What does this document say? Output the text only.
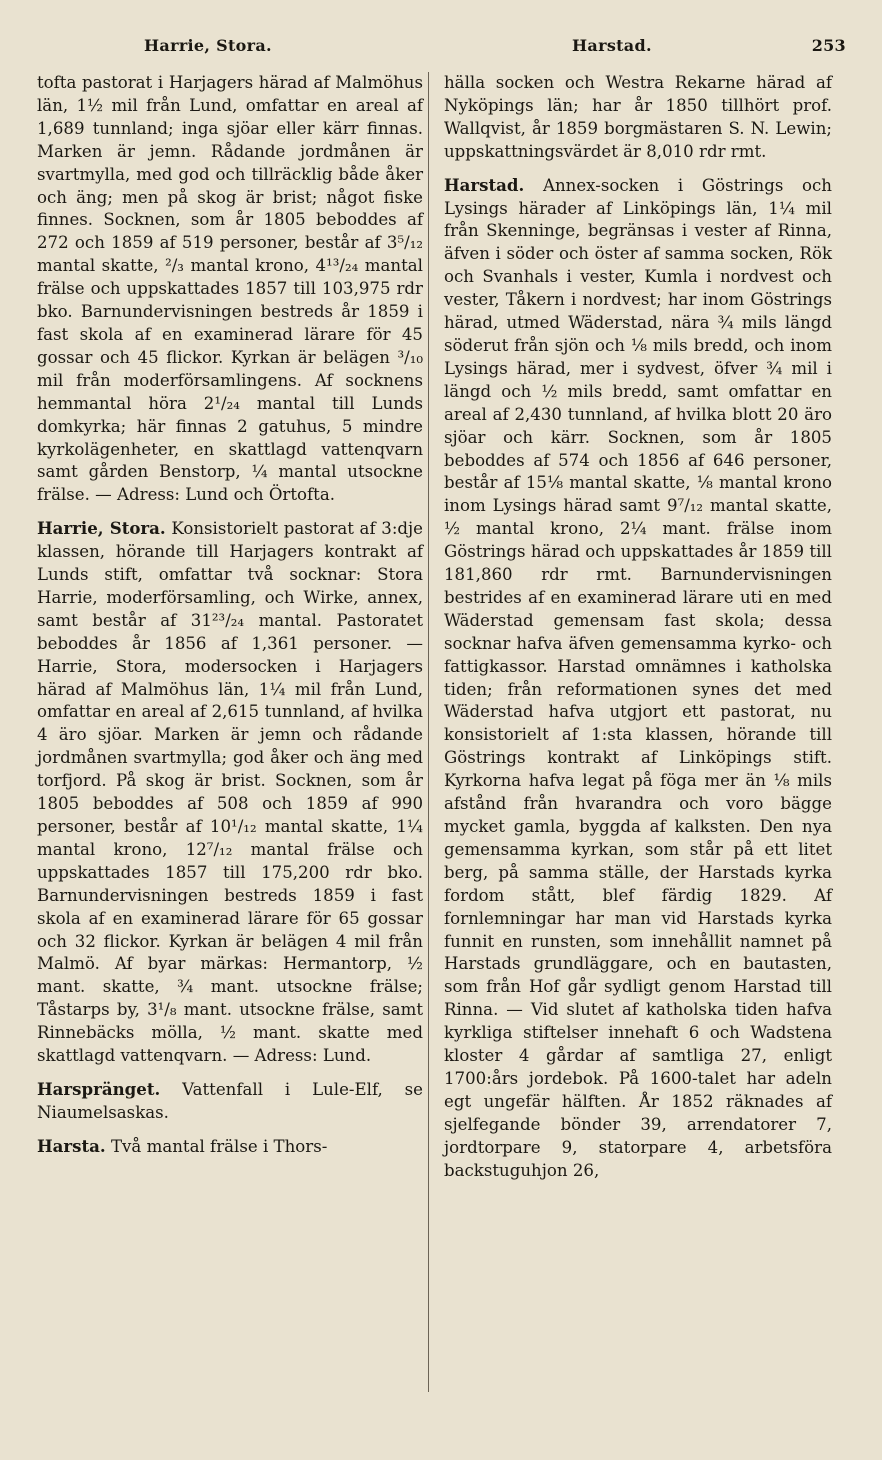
Harrie, Stora.	Harstad.	253

tofta pastorat i Harjagers härad af Malmöhus län, 1½ mil från Lund, omfattar en areal af 1,689 tunnland; inga sjöar eller kärr finnas. Marken är jemn. Rådande jordmånen är svartmylla, med god och tillräcklig både åker och äng; men på skog är brist; något fiske finnes. Socknen, som år 1805 beboddes af 272 och 1859 af 519 personer, består af 3⁵/₁₂ mantal skatte, ²/₃ mantal krono, 4¹³/₂₄ mantal frälse och uppskattades 1857 till 103,975 rdr bko. Barnundervisningen bestreds år 1859 i fast skola af en examinerad lärare för 45 gossar och 45 flickor. Kyrkan är belägen ³/₁₀ mil från moderförsamlingens. Af socknens hemmantal höra 2¹/₂₄ mantal till Lunds domkyrka; här finnas 2 gatuhus, 5 mindre kyrkolägenheter, en skattlagd vattenqvarn samt gården Benstorp, ¼ mantal utsockne frälse. — Adress: Lund och Örtofta.

Harrie, Stora. Konsistorielt pastorat af 3:dje klassen, hörande till Harjagers kontrakt af Lunds stift, omfattar två socknar: Stora Harrie, moderförsamling, och Wirke, annex, samt består af 31²³/₂₄ mantal. Pastoratet beboddes år 1856 af 1,361 personer. — Harrie, Stora, modersocken i Harjagers härad af Malmöhus län, 1¼ mil från Lund, omfattar en areal af 2,615 tunnland, af hvilka 4 äro sjöar. Marken är jemn och rådande jordmånen svartmylla; god åker och äng med torfjord. På skog är brist. Socknen, som år 1805 beboddes af 508 och 1859 af 990 personer, består af 10¹/₁₂ mantal skatte, 1¼ mantal krono, 12⁷/₁₂ mantal frälse och uppskattades 1857 till 175,200 rdr bko. Barnundervisningen bestreds 1859 i fast skola af en examinerad lärare för 65 gossar och 32 flickor. Kyrkan är belägen 4 mil från Malmö. Af byar märkas: Hermantorp, ½ mant. skatte, ¾ mant. utsockne frälse; Tåstarps by, 3¹/₈ mant. utsockne frälse, samt Rinnebäcks mölla, ½ mant. skatte med skattlagd vattenqvarn. — Adress: Lund.

Harspränget. Vattenfall i Lule-Elf, se Niaumelsaskas.

Harsta. Två mantal frälse i Thors-

hälla socken och Westra Rekarne härad af Nyköpings län; har år 1850 tillhört prof. Wallqvist, år 1859 borgmästaren S. N. Lewin; uppskattningsvärdet är 8,010 rdr rmt.

Harstad. Annex-socken i Göstrings och Lysings härader af Linköpings län, 1¼ mil från Skenninge, begränsas i vester af Rinna, äfven i söder och öster af samma socken, Rök och Svanhals i vester, Kumla i nordvest och vester, Tåkern i nordvest; har inom Göstrings härad, utmed Wäderstad, nära ¾ mils längd söderut från sjön och ⅛ mils bredd, och inom Lysings härad, mer i sydvest, öfver ¾ mil i längd och ½ mils bredd, samt omfattar en areal af 2,430 tunnland, af hvilka blott 20 äro sjöar och kärr. Socknen, som år 1805 beboddes af 574 och 1856 af 646 personer, består af 15⅛ mantal skatte, ⅛ mantal krono inom Lysings härad samt 9⁷/₁₂ mantal skatte, ½ mantal krono, 2¼ mant. frälse inom Göstrings härad och uppskattades år 1859 till 181,860 rdr rmt. Barnundervisningen bestrides af en examinerad lärare uti en med Wäderstad gemensam fast skola; dessa socknar hafva äfven gemensamma kyrko- och fattigkassor. Harstad omnämnes i katholska tiden; från reformationen synes det med Wäderstad hafva utgjort ett pastorat, nu konsistorielt af 1:sta klassen, hörande till Göstrings kontrakt af Linköpings stift. Kyrkorna hafva legat på föga mer än ⅛ mils afstånd från hvarandra och voro bägge mycket gamla, byggda af kalksten. Den nya gemensamma kyrkan, som står på ett litet berg, på samma ställe, der Harstads kyrka fordom stått, blef färdig 1829. Af fornlemningar har man vid Harstads kyrka funnit en runsten, som innehållit namnet på Harstads grundläggare, och en bautasten, som från Hof går sydligt genom Harstad till Rinna. — Vid slutet af katholska tiden hafva kyrkliga stiftelser innehaft 6 och Wadstena kloster 4 gårdar af samtliga 27, enligt 1700:års jordebok. På 1600-talet har adeln egt ungefär hälften. År 1852 räknades af sjelfegande bönder 39, arrendatorer 7, jordtorpare 9, statorpare 4, arbetsföra backstuguhjon 26,
